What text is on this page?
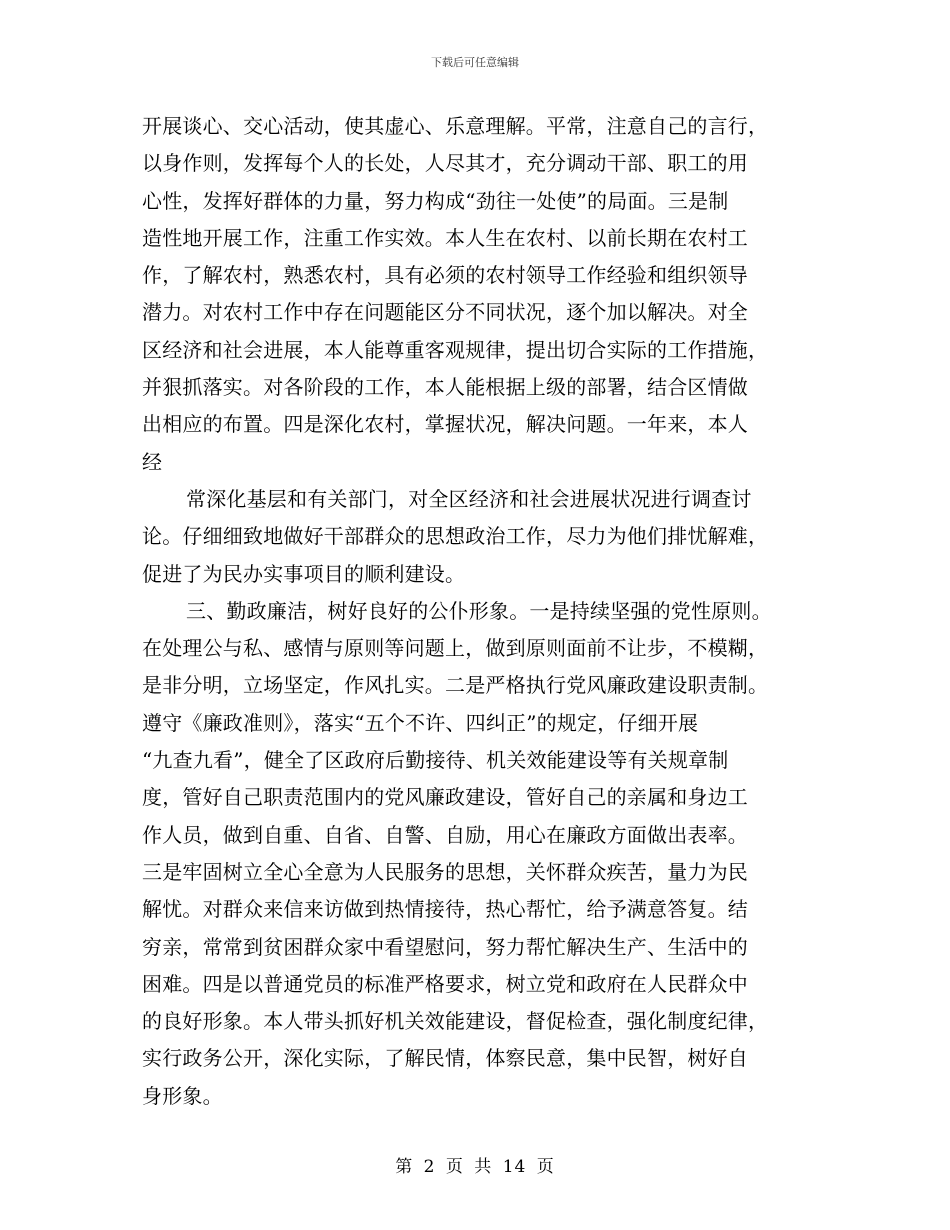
下载后可任意编辑
开展谈心、交心活动，使其虚心、乐意理解。平常，注意自己的言行，
以身作则，发挥每个人的长处，人尽其才，充分调动干部、职工的用
心性，发挥好群体的力量，努力构成“劲往一处使”的局面。三是制
造性地开展工作，注重工作实效。本人生在农村、以前长期在农村工
作，了解农村，熟悉农村，具有必须的农村领导工作经验和组织领导
潜力。对农村工作中存在问题能区分不同状况，逐个加以解决。对全
区经济和社会进展，本人能尊重客观规律，提出切合实际的工作措施，
并狠抓落实。对各阶段的工作，本人能根据上级的部署，结合区情做
出相应的布置。四是深化农村，掌握状况，解决问题。一年来，本人
经
常深化基层和有关部门，对全区经济和社会进展状况进行调查讨
论。仔细细致地做好干部群众的思想政治工作，尽力为他们排忧解难，
促进了为民办实事项目的顺利建设。
三、勤政廉洁，树好良好的公仆形象。一是持续坚强的党性原则。
在处理公与私、感情与原则等问题上，做到原则面前不让步，不模糊，
是非分明，立场坚定，作风扎实。二是严格执行党风廉政建设职责制。
遵守《廉政准则》，落实“五个不许、四纠正”的规定，仔细开展
“九查九看”，健全了区政府后勤接待、机关效能建设等有关规章制
度，管好自己职责范围内的党风廉政建设，管好自己的亲属和身边工
作人员，做到自重、自省、自警、自励，用心在廉政方面做出表率。
三是牢固树立全心全意为人民服务的思想，关怀群众疾苦，量力为民
解忧。对群众来信来访做到热情接待，热心帮忙，给予满意答复。结
穷亲，常常到贫困群众家中看望慰问，努力帮忙解决生产、生活中的
困难。四是以普通党员的标准严格要求，树立党和政府在人民群众中
的良好形象。本人带头抓好机关效能建设，督促检查，强化制度纪律，
实行政务公开，深化实际，了解民情，体察民意，集中民智，树好自
身形象。
第 2 页 共 14 页
